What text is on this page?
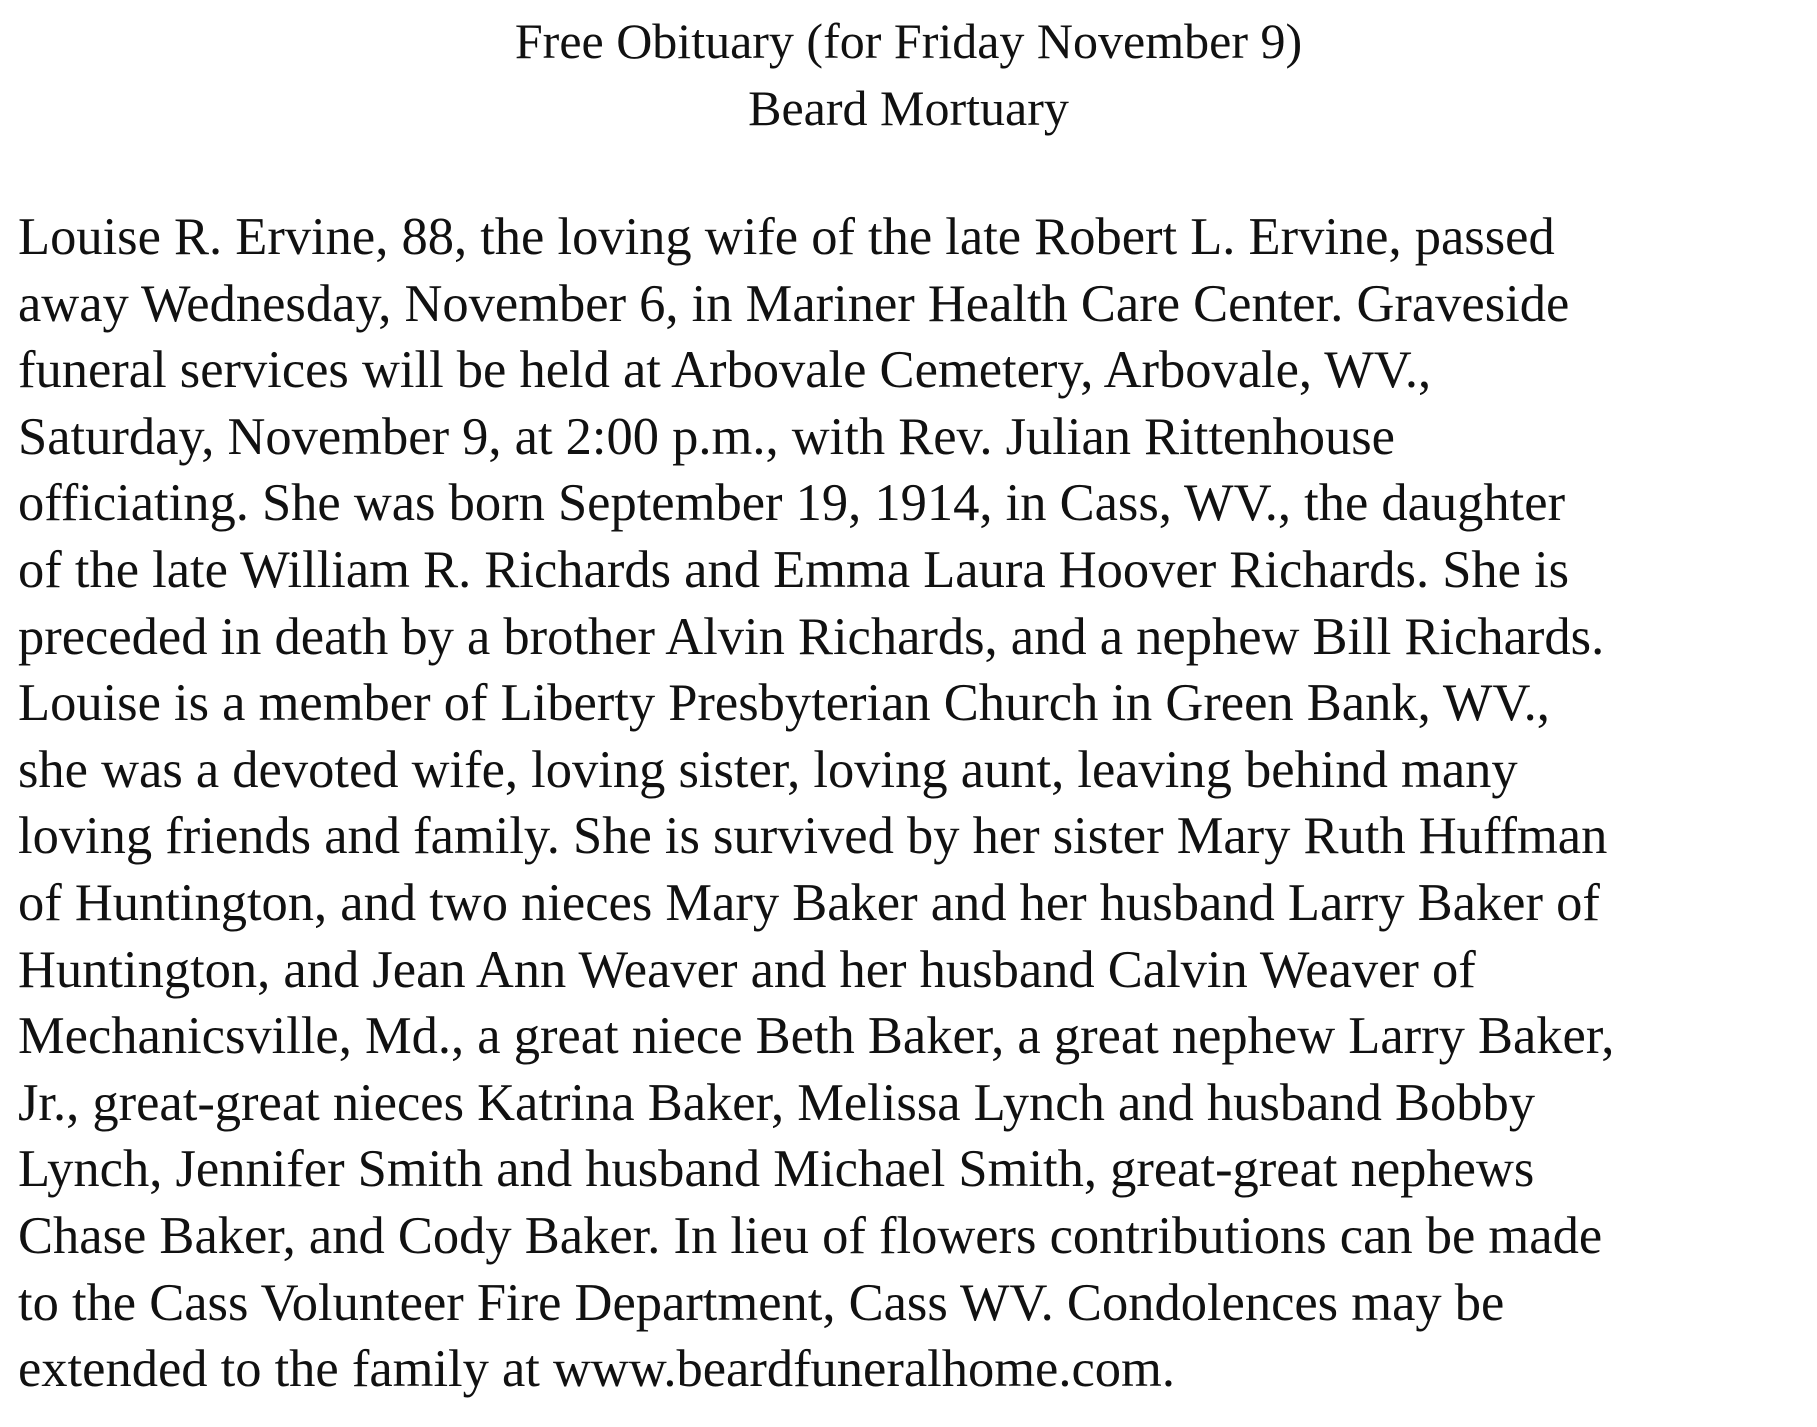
Free Obituary (for Friday November 9)
Beard Mortuary
Louise R. Ervine, 88, the loving wife of the late Robert L. Ervine, passed
away Wednesday, November 6, in Mariner Health Care Center. Graveside
funeral services will be held at Arbovale Cemetery, Arbovale, WV.,
Saturday, November 9, at 2:00 p.m., with Rev. Julian Rittenhouse
officiating. She was born September 19, 1914, in Cass, WV., the daughter
of the late William R. Richards and Emma Laura Hoover Richards. She is
preceded in death by a brother Alvin Richards, and a nephew Bill Richards.
Louise is a member of Liberty Presbyterian Church in Green Bank, WV.,
she was a devoted wife, loving sister, loving aunt, leaving behind many
loving friends and family. She is survived by her sister Mary Ruth Huffman
of Huntington, and two nieces Mary Baker and her husband Larry Baker of
Huntington, and Jean Ann Weaver and her husband Calvin Weaver of
Mechanicsville, Md., a great niece Beth Baker, a great nephew Larry Baker,
Jr., great-great nieces Katrina Baker, Melissa Lynch and husband Bobby
Lynch, Jennifer Smith and husband Michael Smith, great-great nephews
Chase Baker, and Cody Baker. In lieu of flowers contributions can be made
to the Cass Volunteer Fire Department, Cass WV. Condolences may be
extended to the family at www.beardfuneralhome.com.
